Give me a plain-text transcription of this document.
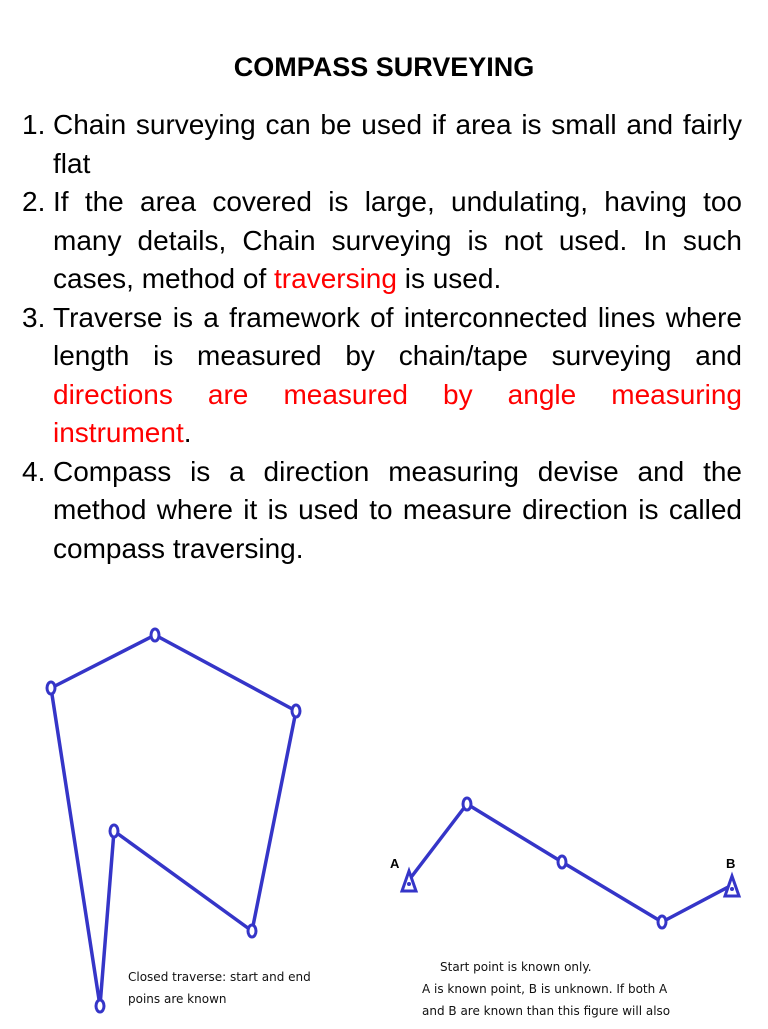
COMPASS SURVEYING
1. Chain surveying can be used if area is small and fairly flat
2. If the area covered is large, undulating, having too many details, Chain surveying is not used. In such cases, method of traversing is used.
3. Traverse is a framework of interconnected lines where length is measured by chain/tape surveying and directions are measured by angle measuring instrument.
4. Compass is a direction measuring devise and the method where it is used to measure direction is called compass traversing.
A	B
Closed traverse: start and end
poins are known
Start point is known only.
A is known point, B is unknown. If both A
and B are known than this figure will also
